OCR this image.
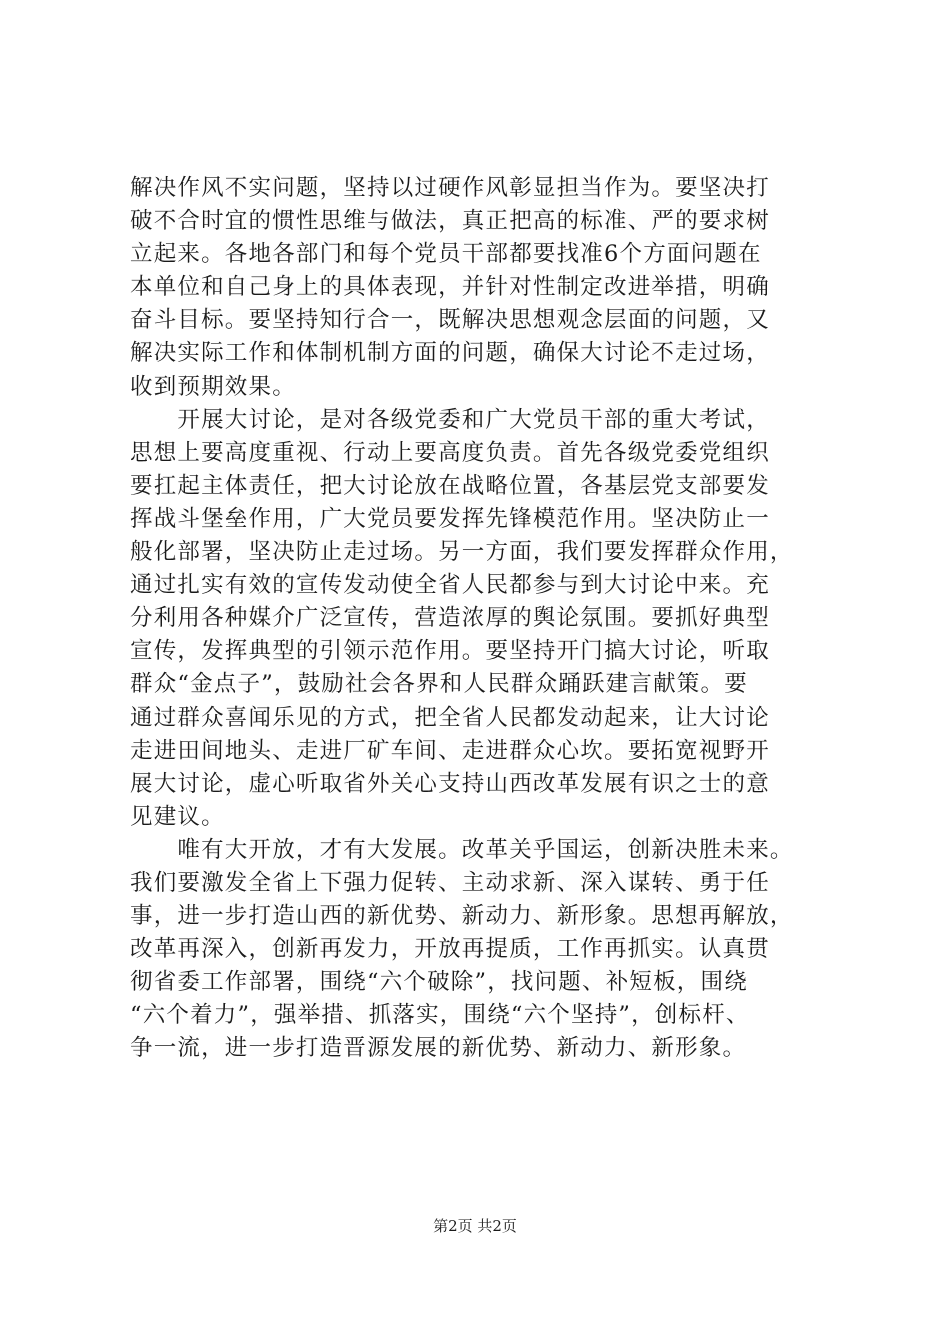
解决作风不实问题，坚持以过硬作风彰显担当作为。要坚决打
破不合时宜的惯性思维与做法，真正把高的标准、严的要求树
立起来。各地各部门和每个党员干部都要找准6个方面问题在
本单位和自己身上的具体表现，并针对性制定改进举措，明确
奋斗目标。要坚持知行合一，既解决思想观念层面的问题，又
解决实际工作和体制机制方面的问题，确保大讨论不走过场，
收到预期效果。
　　开展大讨论，是对各级党委和广大党员干部的重大考试，
思想上要高度重视、行动上要高度负责。首先各级党委党组织
要扛起主体责任，把大讨论放在战略位置，各基层党支部要发
挥战斗堡垒作用，广大党员要发挥先锋模范作用。坚决防止一
般化部署，坚决防止走过场。另一方面，我们要发挥群众作用，
通过扎实有效的宣传发动使全省人民都参与到大讨论中来。充
分利用各种媒介广泛宣传，营造浓厚的舆论氛围。要抓好典型
宣传，发挥典型的引领示范作用。要坚持开门搞大讨论，听取
群众“金点子”，鼓励社会各界和人民群众踊跃建言献策。要
通过群众喜闻乐见的方式，把全省人民都发动起来，让大讨论
走进田间地头、走进厂矿车间、走进群众心坎。要拓宽视野开
展大讨论，虚心听取省外关心支持山西改革发展有识之士的意
见建议。
　　唯有大开放，才有大发展。改革关乎国运，创新决胜未来。
我们要激发全省上下强力促转、主动求新、深入谋转、勇于任
事，进一步打造山西的新优势、新动力、新形象。思想再解放，
改革再深入，创新再发力，开放再提质，工作再抓实。认真贯
彻省委工作部署，围绕“六个破除”，找问题、补短板，围绕
“六个着力”，强举措、抓落实，围绕“六个坚持”，创标杆、
争一流，进一步打造晋源发展的新优势、新动力、新形象。
第2页 共2页
